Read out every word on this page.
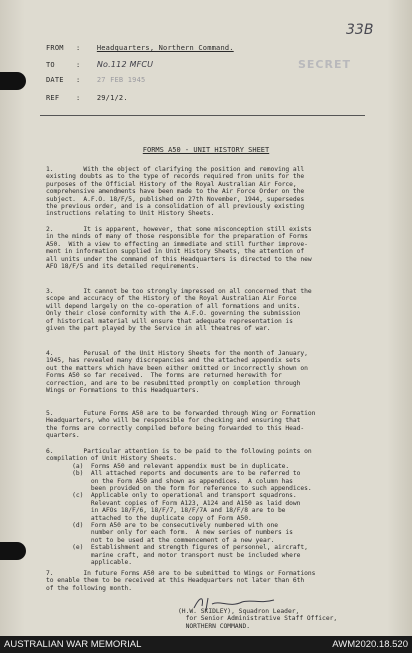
33B
SECRET
FROM : Headquarters, Northern Command.
TO	: No.112 MFCU
DATE : 27 FEB 1945
REF : 29/1/2.
FORMS A50 - UNIT HISTORY SHEET
1.	With the object of clarifying the position and removing all
existing doubts as to the type of records required from units for the
purposes of the Official History of the Royal Australian Air Force,
comprehensive amendments have been made to the Air Force Order on the
subject.  A.F.O. 18/F/5, published on 27th November, 1944, supersedes
the previous order, and is a consolidation of all previously existing
instructions relating to Unit History Sheets.
2.	It is apparent, however, that some misconception still exists
in the minds of many of those responsible for the preparation of Forms
A50.  With a view to effecting an immediate and still further improve-
ment in information supplied in Unit History Sheets, the attention of
all units under the command of this Headquarters is directed to the new
AFO 18/F/5 and its detailed requirements.
3.	It cannot be too strongly impressed on all concerned that the
scope and accuracy of the History of the Royal Australian Air Force
will depend largely on the co-operation of all formations and units.
Only their close conformity with the A.F.O. governing the submission
of historical material will ensure that adequate representation is
given the part played by the Service in all theatres of war.
4.	Perusal of the Unit History Sheets for the month of January,
1945, has revealed many discrepancies and the attached appendix sets
out the matters which have been either omitted or incorrectly shown on
Forms A50 so far received.  The forms are returned herewith for
correction, and are to be resubmitted promptly on completion through
Wings or Formations to this Headquarters.
5.	Future Forms A50 are to be forwarded through Wing or Formation
Headquarters, who will be responsible for checking and ensuring that
the forms are correctly compiled before being forwarded to this Head-
quarters.
6.	Particular attention is to be paid to the following points on
compilation of Unit History Sheets.
(a)  Forms A50 and relevant appendix must be in duplicate.
(b)  All attached reports and documents are to be referred to
on the Form A50 and shown as appendices.  A column has
been provided on the form for reference to such appendices.
(c)  Applicable only to operational and transport squadrons.
Relevant copies of Form A123, A124 and A150 as laid down
in AFOs 18/F/6, 18/F/7, 18/F/7A and 18/F/8 are to be
attached to the duplicate copy of Form A50.
(d)  Form A50 are to be consecutively numbered with one
number only for each form.  A new series of numbers is
not to be used at the commencement of a new year.
(e)  Establishment and strength figures of personnel, aircraft,
marine craft, and motor transport must be included where
applicable.
7.	In future Forms A50 are to be submitted to Wings or Formations
to enable them to be received at this Headquarters not later than 6th
of the following month.
(H.W. SKIDLEY), Squadron Leader,
for Senior Administrative Staff Officer,
NORTHERN COMMAND.
AUSTRALIAN WAR MEMORIAL	AWM2020.18.520
